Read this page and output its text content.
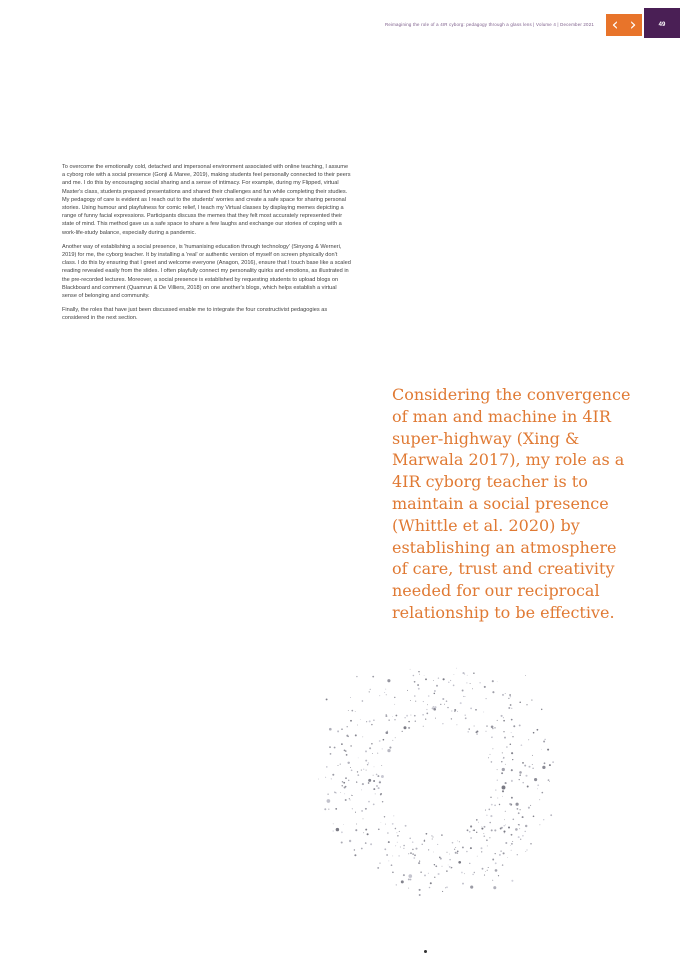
Reimagining the role of a 4IR cyborg: pedagogy through a glass lens | Volume 4 | December 2021 ‹ ›	49

To overcome the emotionally cold, detached and impersonal environment associated with online teaching, I assume a cyborg role with a social presence (Gonji & Maree, 2019), making students feel personally connected to their peers and me. I do this by encouraging social sharing and a sense of intimacy. For example, during my Flipped, virtual Master's class, students prepared presentations and shared their challenges and fun while completing their studies. My pedagogy of care is evident as I reach out to the students' worries and create a safe space for sharing personal stories. Using humour and playfulness for comic relief, I teach my Virtual classes by displaying memes depicting a range of funny facial expressions. Participants discuss the memes that they felt most accurately represented their state of mind. This method gave us a safe space to share a few laughs and exchange our stories of coping with a work-life-study balance, especially during a pandemic.

Another way of establishing a social presence, is 'humanising education through technology' (Sinyong & Werneri, 2019) for me, the cyborg teacher. It by installing a 'real' or authentic version of myself on screen physically don't class. I do this by ensuring that I greet and welcome everyone (Anagon, 2016), ensure that I touch base like a scaled reading revealed easily from the slides. I often playfully connect my personality quirks and emotions, as illustrated in the pre-recorded lectures. Moreover, a social presence is established by requesting students to upload blogs on Blackboard and comment (Quamrun & De Villiers, 2018) on one another's blogs, which helps establish a virtual sense of belonging and community.

Finally, the roles that have just been discussed enable me to integrate the four constructivist pedagogies as considered in the next section.

Considering the convergence of man and machine in 4IR super-highway (Xing & Marwala 2017), my role as a 4IR cyborg teacher is to maintain a social presence (Whittle et al. 2020) by establishing an atmosphere of care, trust and creativity needed for our reciprocal relationship to be effective.
